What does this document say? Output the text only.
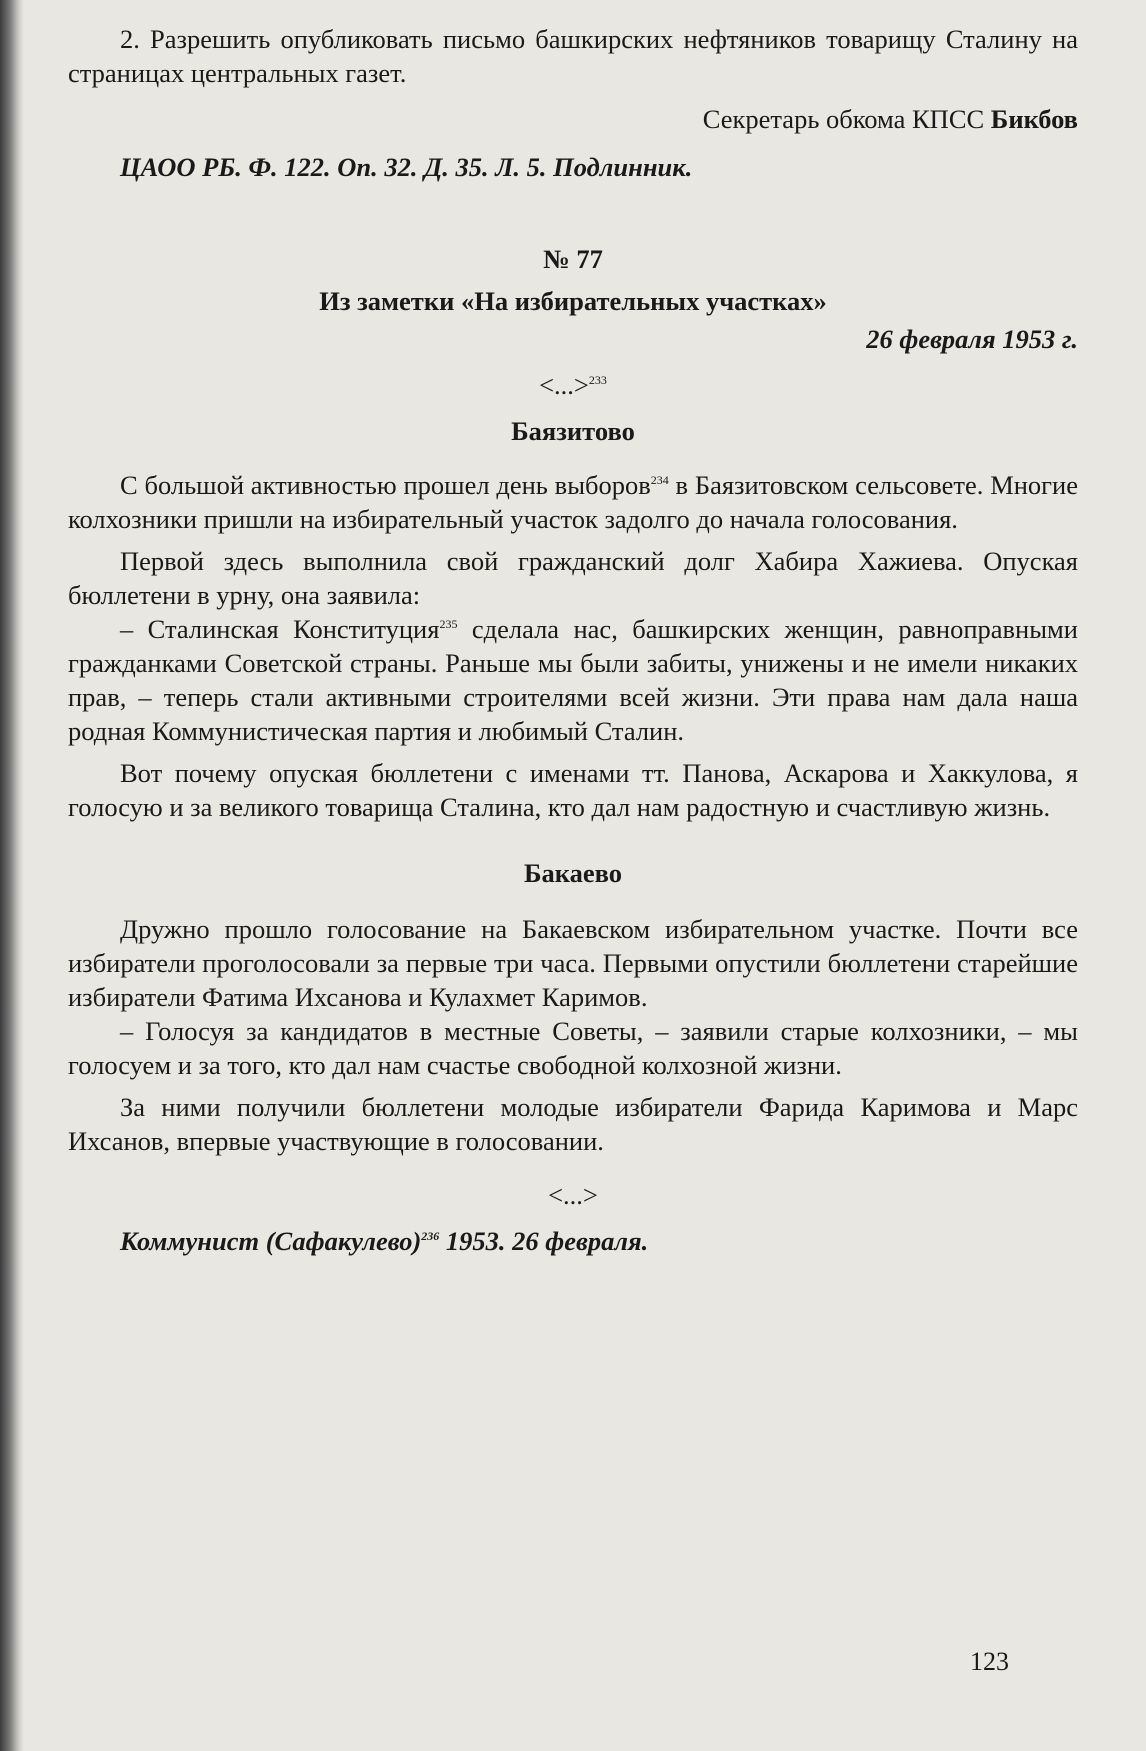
2. Разрешить опубликовать письмо башкирских нефтяников товарищу Сталину на страницах центральных газет.

Секретарь обкома КПСС Бикбов

ЦАОО РБ. Ф. 122. Оп. 32. Д. 35. Л. 5. Подлинник.

№ 77

Из заметки «На избирательных участках»

26 февраля 1953 г.

<...>$^{233}$

Баязитово

С большой активностью прошел день выборов$^{234}$ в Баязитовском сельсовете. Многие колхозники пришли на избирательный участок задолго до начала голосования.

Первой здесь выполнила свой гражданский долг Хабира Хажиева. Опуская бюллетени в урну, она заявила:

– Сталинская Конституция$^{235}$ сделала нас, башкирских женщин, равноправными гражданками Советской страны. Раньше мы были забиты, унижены и не имели никаких прав, – теперь стали активными строителями всей жизни. Эти права нам дала наша родная Коммунистическая партия и любимый Сталин.

Вот почему опуская бюллетени с именами тт. Панова, Аскарова и Хаккулова, я голосую и за великого товарища Сталина, кто дал нам радостную и счастливую жизнь.

Бакаево

Дружно прошло голосование на Бакаевском избирательном участке. Почти все избиратели проголосовали за первые три часа. Первыми опустили бюллетени старейшие избиратели Фатима Ихсанова и Кулахмет Каримов.

– Голосуя за кандидатов в местные Советы, – заявили старые колхозники, – мы голосуем и за того, кто дал нам счастье свободной колхозной жизни.

За ними получили бюллетени молодые избиратели Фарида Каримова и Марс Ихсанов, впервые участвующие в голосовании.

<...>

Коммунист (Сафакулево)$^{236}$ 1953. 26 февраля.

123
